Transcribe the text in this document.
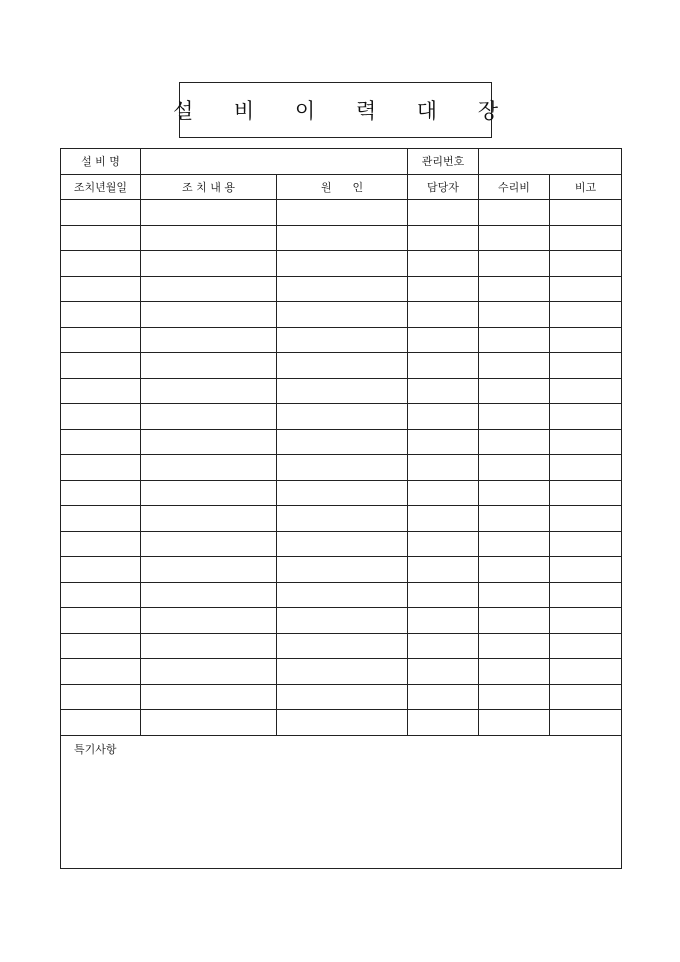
설 비 이 력 대 장
설 비 명			관리번호		
조치년월일	조 치 내 용	원      인	담당자	수리비	비고

특기사항					
